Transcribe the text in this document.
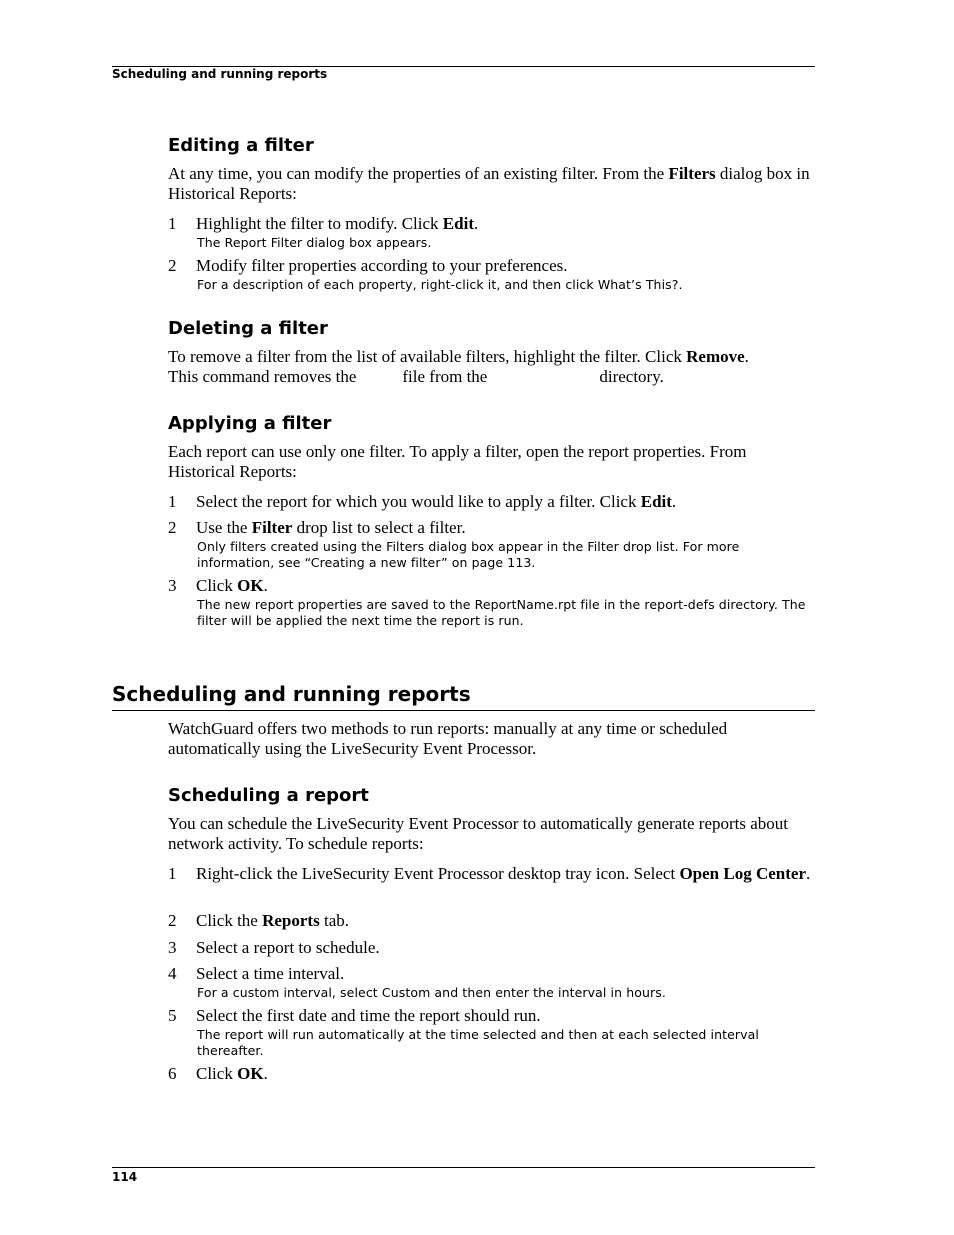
Scheduling and running reports
Editing a filter

At any time, you can modify the properties of an existing filter. From the Filters dialog box in Historical Reports:

1 Highlight the filter to modify. Click Edit.

The Report Filter dialog box appears.

2 Modify filter properties according to your preferences.

For a description of each property, right-click it, and then click What’s This?.

Deleting a filter

To remove a filter from the list of available filters, highlight the filter. Click Remove.
This command removes the	file from the	directory.

Applying a filter

Each report can use only one filter. To apply a filter, open the report properties. From Historical Reports:

1 Select the report for which you would like to apply a filter. Click Edit.

2 Use the Filter drop list to select a filter.

Only filters created using the Filters dialog box appear in the Filter drop list. For more information, see “Creating a new filter” on page 113.

3 Click OK.

The new report properties are saved to the ReportName.rpt file in the report-defs directory. The filter will be applied the next time the report is run.

Scheduling and running reports

WatchGuard offers two methods to run reports: manually at any time or scheduled automatically using the LiveSecurity Event Processor.

Scheduling a report

You can schedule the LiveSecurity Event Processor to automatically generate reports about network activity. To schedule reports:

1 Right-click the LiveSecurity Event Processor desktop tray icon. Select Open Log Center.

2 Click the Reports tab.

3 Select a report to schedule.

4 Select a time interval.

For a custom interval, select Custom and then enter the interval in hours.

5 Select the first date and time the report should run.

The report will run automatically at the time selected and then at each selected interval thereafter.

6 Click OK.

114
